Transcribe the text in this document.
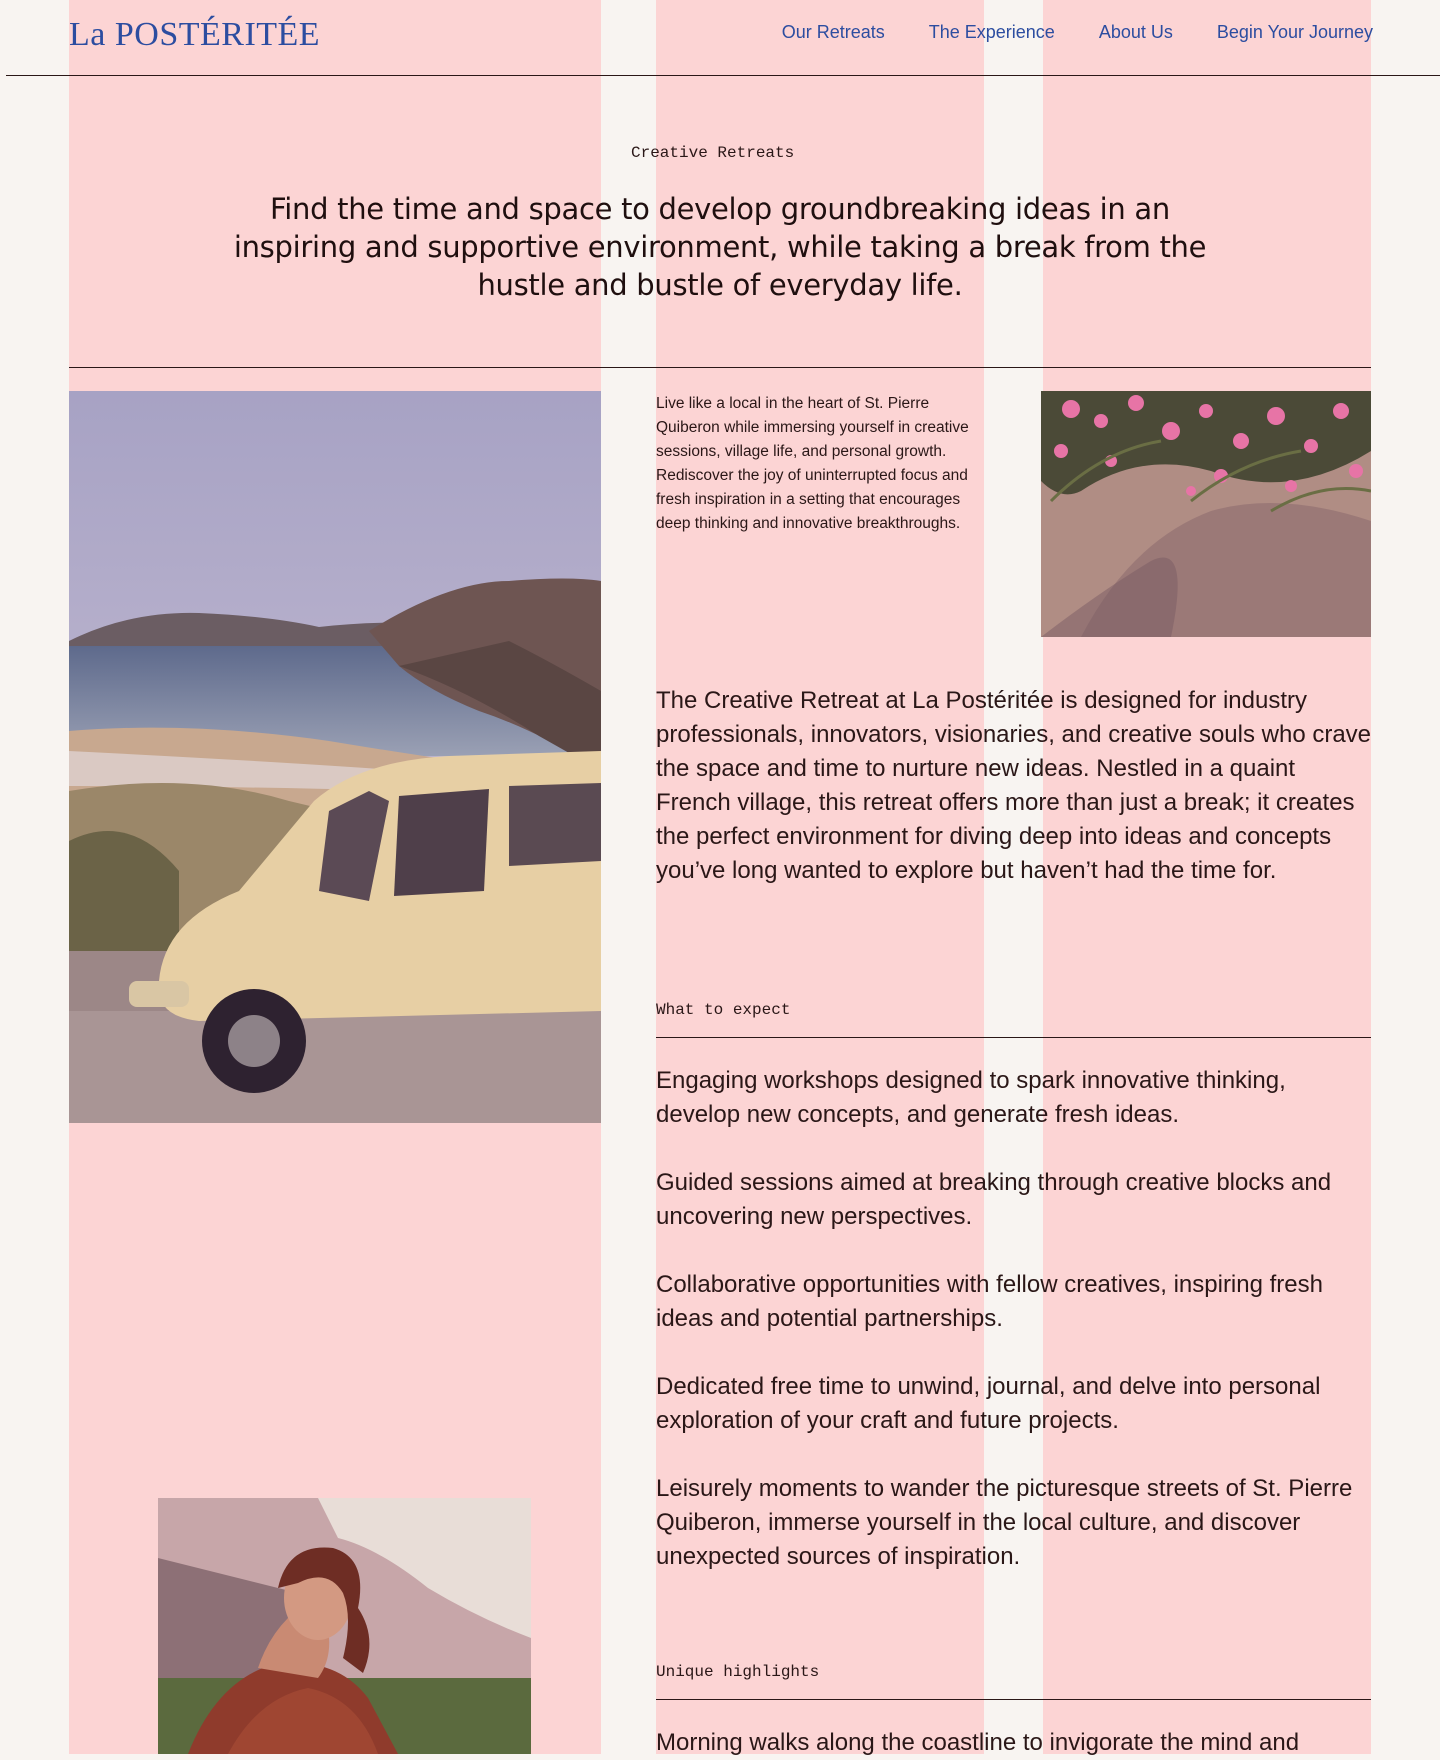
La POSTÉRITÉE	Our Retreats The Experience About Us Begin Your Journey
Creative Retreats
Find the time and space to develop groundbreaking ideas in an inspiring and supportive environment, while taking a break from the hustle and bustle of everyday life.

Live like a local in the heart of St. Pierre Quiberon while immersing yourself in creative sessions, village life, and personal growth. Rediscover the joy of uninterrupted focus and fresh inspiration in a setting that encourages deep thinking and innovative breakthroughs.

The Creative Retreat at La Postéritée is designed for industry professionals, innovators, visionaries, and creative souls who crave the space and time to nurture new ideas. Nestled in a quaint French village, this retreat offers more than just a break; it creates the perfect environment for diving deep into ideas and concepts you’ve long wanted to explore but haven’t had the time for.

What to expect
Engaging workshops designed to spark innovative thinking, develop new concepts, and generate fresh ideas.
Guided sessions aimed at breaking through creative blocks and uncovering new perspectives.
Collaborative opportunities with fellow creatives, inspiring fresh ideas and potential partnerships.
Dedicated free time to unwind, journal, and delve into personal exploration of your craft and future projects.
Leisurely moments to wander the picturesque streets of St. Pierre Quiberon, immerse yourself in the local culture, and discover unexpected sources of inspiration.
Unique highlights
Morning walks along the coastline to invigorate the mind and
